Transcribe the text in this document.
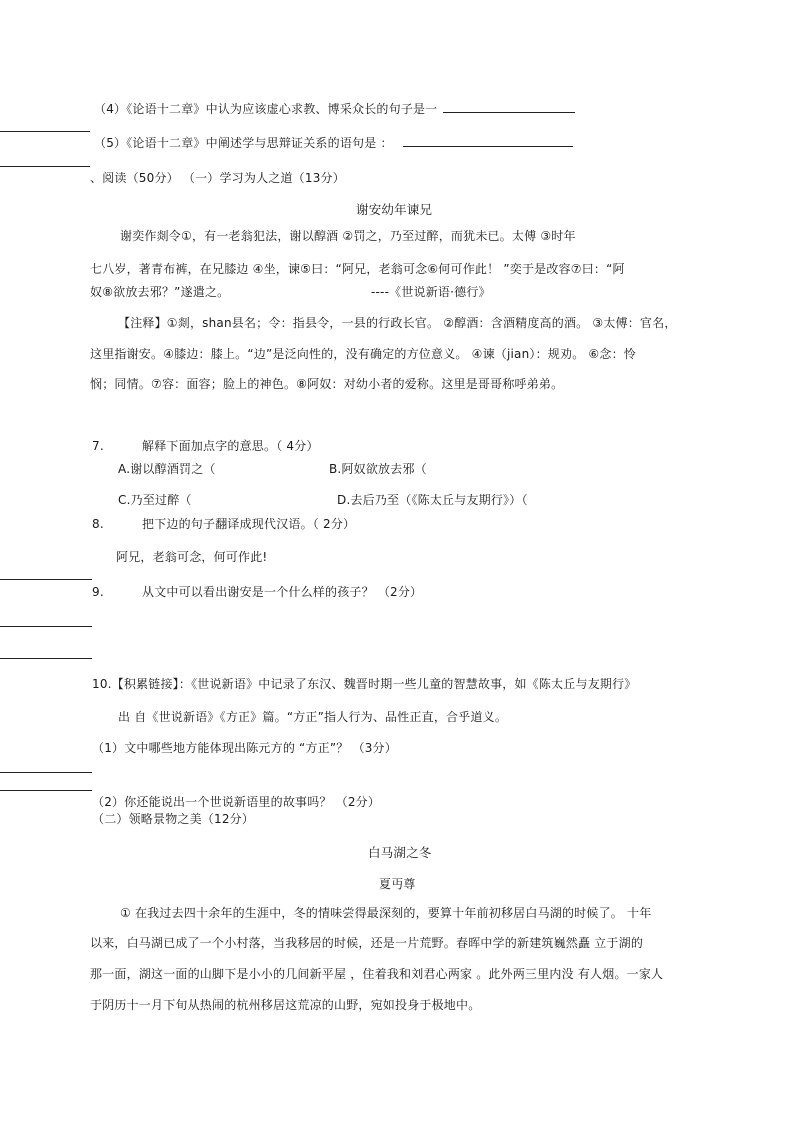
（4）《论语十二章》中认为应该虚心求教、博采众长的句子是一
（5）《论语十二章》中阐述学与思辩证关系的语句是 ：
、阅读（50分） （一）学习为人之道（13分）
谢安幼年谏兄
谢奕作剡令①，有一老翁犯法，谢以醇酒 ②罚之，乃至过醉，而犹未已。太傅 ③时年
七八岁，著青布裤，在兄膝边 ④坐，谏⑤曰：“阿兄，老翁可念⑥何可作此！ ”奕于是改容⑦曰：“阿
奴⑧欲放去邪？”遂遣之。	----《世说新语·德行》
【注释】①剡，shan县名；令：指县令，一县的行政长官。 ②醇酒：含酒精度高的酒。 ③太傅：官名，
这里指谢安。④膝边：膝上。“边”是泛向性的，没有确定的方位意义。 ④谏（jian）：规劝。 ⑥念：怜
悯；同情。⑦容：面容；脸上的神色。⑧阿奴：对幼小者的爱称。这里是哥哥称呼弟弟。
7.	解释下面加点字的意思。（ 4分）
A.谢以醇酒罚之（	B.阿奴欲放去邪（
C.乃至过醉（	D.去后乃至（《陈太丘与友期行》）（
8.	把下边的句子翻译成现代汉语。（ 2分）
阿兄，老翁可念，何可作此!
9.	从文中可以看出谢安是一个什么样的孩子？ （2分）
10.【积累链接】：《世说新语》中记录了东汉、魏晋时期一些儿童的智慧故事，如《陈太丘与友期行》
出 自《世说新语》《方正》篇。“方正”指人行为、品性正直，合乎道义。
（1）文中哪些地方能体现出陈元方的 “方正”？ （3分）
（2）你还能说出一个世说新语里的故事吗？ （2分）
（二）领略景物之美（12分）
白马湖之冬
夏丏尊
① 在我过去四十余年的生涯中，冬的情味尝得最深刻的，要算十年前初移居白马湖的时候了。 十年
以来，白马湖已成了一个小村落，当我移居的时候，还是一片荒野。春晖中学的新建筑巍然矗 立于湖的
那一面，湖这一面的山脚下是小小的几间新平屋 ，住着我和刘君心两家 。此外两三里内没 有人烟。一家人
于阴历十一月下旬从热闹的杭州移居这荒凉的山野，宛如投身于极地中。
